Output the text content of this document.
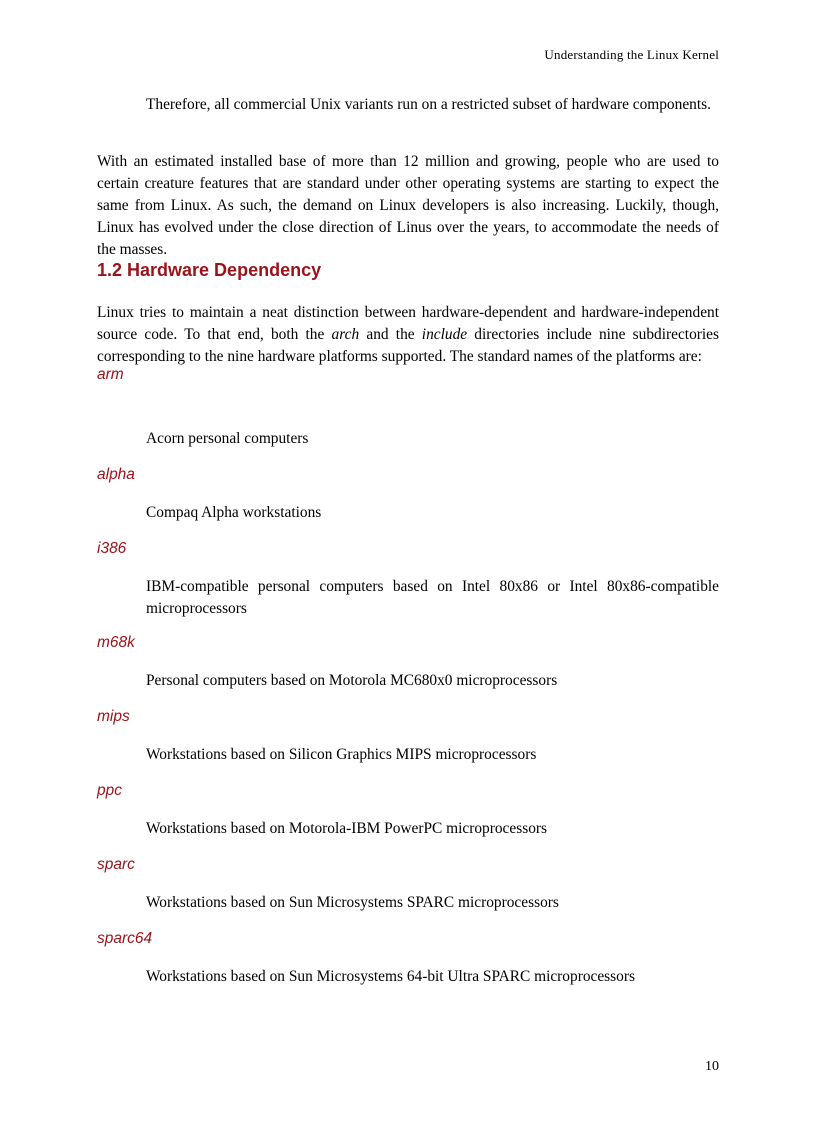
Understanding the Linux Kernel

Therefore, all commercial Unix variants run on a restricted subset of hardware components.

With an estimated installed base of more than 12 million and growing, people who are used to certain creature features that are standard under other operating systems are starting to expect the same from Linux. As such, the demand on Linux developers is also increasing. Luckily, though, Linux has evolved under the close direction of Linus over the years, to accommodate the needs of the masses.

1.2 Hardware Dependency

Linux tries to maintain a neat distinction between hardware-dependent and hardware-independent source code. To that end, both the arch and the include directories include nine subdirectories corresponding to the nine hardware platforms supported. The standard names of the platforms are:

arm
Acorn personal computers
alpha
Compaq Alpha workstations
i386
IBM-compatible personal computers based on Intel 80x86 or Intel 80x86-compatible microprocessors
m68k
Personal computers based on Motorola MC680x0 microprocessors
mips
Workstations based on Silicon Graphics MIPS microprocessors
ppc
Workstations based on Motorola-IBM PowerPC microprocessors
sparc
Workstations based on Sun Microsystems SPARC microprocessors
sparc64
Workstations based on Sun Microsystems 64-bit Ultra SPARC microprocessors
10
